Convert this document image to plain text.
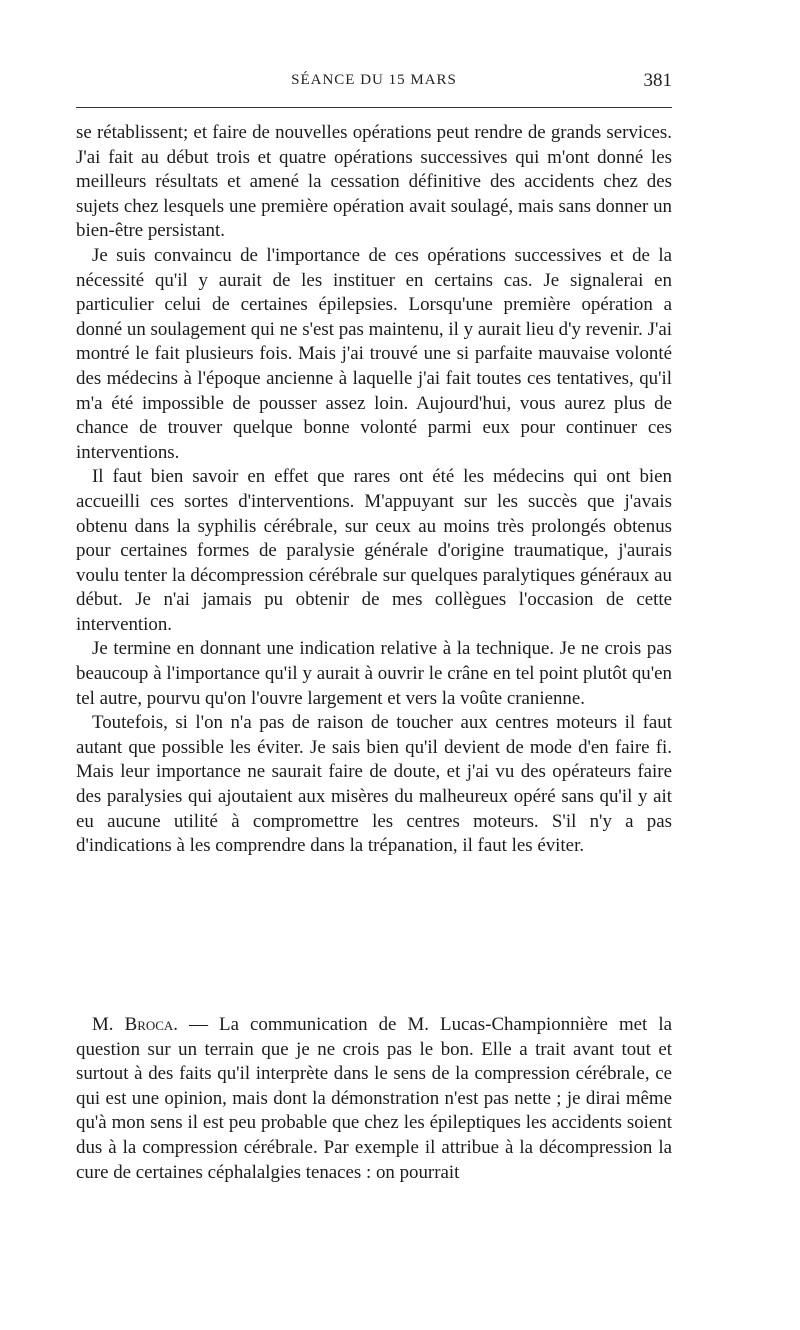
SÉANCE DU 15 MARS	381

se rétablissent; et faire de nouvelles opérations peut rendre de grands services. J'ai fait au début trois et quatre opérations successives qui m'ont donné les meilleurs résultats et amené la cessation définitive des accidents chez des sujets chez lesquels une première opération avait soulagé, mais sans donner un bien-être persistant.

Je suis convaincu de l'importance de ces opérations successives et de la nécessité qu'il y aurait de les instituer en certains cas. Je signalerai en particulier celui de certaines épilepsies. Lorsqu'une première opération a donné un soulagement qui ne s'est pas maintenu, il y aurait lieu d'y revenir. J'ai montré le fait plusieurs fois. Mais j'ai trouvé une si parfaite mauvaise volonté des médecins à l'époque ancienne à laquelle j'ai fait toutes ces tentatives, qu'il m'a été impossible de pousser assez loin. Aujourd'hui, vous aurez plus de chance de trouver quelque bonne volonté parmi eux pour continuer ces interventions.

Il faut bien savoir en effet que rares ont été les médecins qui ont bien accueilli ces sortes d'interventions. M'appuyant sur les succès que j'avais obtenu dans la syphilis cérébrale, sur ceux au moins très prolongés obtenus pour certaines formes de paralysie générale d'origine traumatique, j'aurais voulu tenter la décompression cérébrale sur quelques paralytiques généraux au début. Je n'ai jamais pu obtenir de mes collègues l'occasion de cette intervention.

Je termine en donnant une indication relative à la technique. Je ne crois pas beaucoup à l'importance qu'il y aurait à ouvrir le crâne en tel point plutôt qu'en tel autre, pourvu qu'on l'ouvre largement et vers la voûte cranienne.

Toutefois, si l'on n'a pas de raison de toucher aux centres moteurs il faut autant que possible les éviter. Je sais bien qu'il devient de mode d'en faire fi. Mais leur importance ne saurait faire de doute, et j'ai vu des opérateurs faire des paralysies qui ajoutaient aux misères du malheureux opéré sans qu'il y ait eu aucune utilité à compromettre les centres moteurs. S'il n'y a pas d'indications à les comprendre dans la trépanation, il faut les éviter.

M. Broca. — La communication de M. Lucas-Championnière met la question sur un terrain que je ne crois pas le bon. Elle a trait avant tout et surtout à des faits qu'il interprète dans le sens de la compression cérébrale, ce qui est une opinion, mais dont la démonstration n'est pas nette ; je dirai même qu'à mon sens il est peu probable que chez les épileptiques les accidents soient dus à la compression cérébrale. Par exemple il attribue à la décompression la cure de certaines céphalalgies tenaces : on pourrait
